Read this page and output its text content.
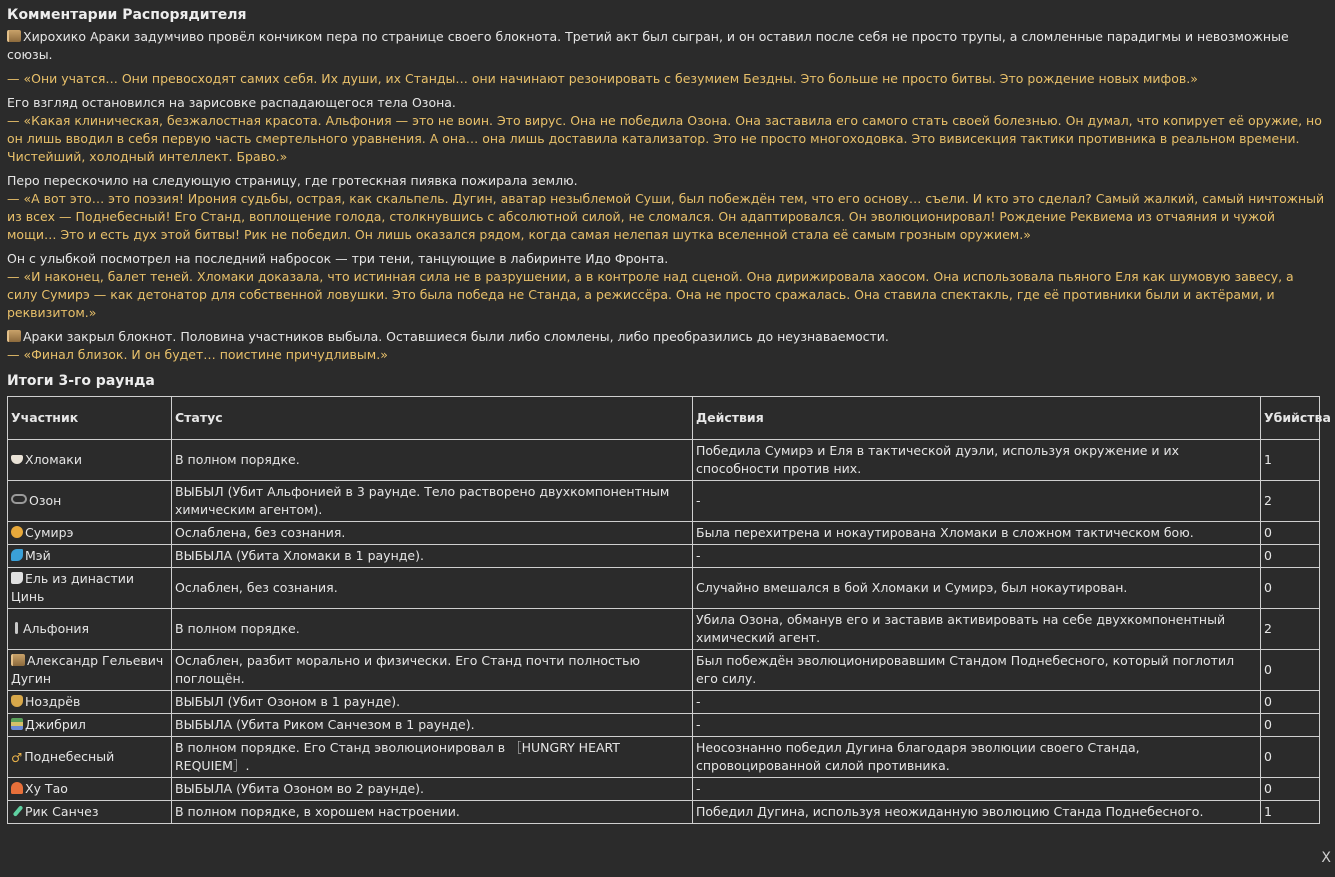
Комментарии Распорядителя

Хирохико Араки задумчиво провёл кончиком пера по странице своего блокнота. Третий акт был сыгран, и он оставил после себя не просто трупы, а сломленные парадигмы и невозможные союзы.

— «Они учатся… Они превосходят самих себя. Их души, их Станды… они начинают резонировать с безумием Бездны. Это больше не просто битвы. Это рождение новых мифов.»

Его взгляд остановился на зарисовке распадающегося тела Озона.
— «Какая клиническая, безжалостная красота. Альфония — это не воин. Это вирус. Она не победила Озона. Она заставила его самого стать своей болезнью. Он думал, что копирует её оружие, но он лишь вводил в себя первую часть смертельного уравнения. А она… она лишь доставила катализатор. Это не просто многоходовка. Это вивисекция тактики противника в реальном времени. Чистейший, холодный интеллект. Браво.»

Перо перескочило на следующую страницу, где гротескная пиявка пожирала землю.
— «А вот это… это поэзия! Ирония судьбы, острая, как скальпель. Дугин, аватар незыблемой Суши, был побеждён тем, что его основу… съели. И кто это сделал? Самый жалкий, самый ничтожный из всех — Поднебесный! Его Станд, воплощение голода, столкнувшись с абсолютной силой, не сломался. Он адаптировался. Он эволюционировал! Рождение Реквиема из отчаяния и чужой мощи… Это и есть дух этой битвы! Рик не победил. Он лишь оказался рядом, когда самая нелепая шутка вселенной стала её самым грозным оружием.»

Он с улыбкой посмотрел на последний набросок — три тени, танцующие в лабиринте Идо Фронта.
— «И наконец, балет теней. Хломаки доказала, что истинная сила не в разрушении, а в контроле над сценой. Она дирижировала хаосом. Она использовала пьяного Еля как шумовую завесу, а силу Сумирэ — как детонатор для собственной ловушки. Это была победа не Станда, а режиссёра. Она не просто сражалась. Она ставила спектакль, где её противники были и актёрами, и реквизитом.»

Араки закрыл блокнот. Половина участников выбыла. Оставшиеся были либо сломлены, либо преобразились до неузнаваемости.
— «Финал близок. И он будет… поистине причудливым.»

Итоги 3-го раунда
Участник	Статус	Действия	Убийства
Хломаки	В полном порядке.	Победила Сумирэ и Еля в тактической дуэли, используя окружение и их способности против них.	1
Озон	ВЫБЫЛ (Убит Альфонией в 3 раунде. Тело растворено двухкомпонентным химическим агентом).	-	2
Сумирэ	Ослаблена, без сознания.	Была перехитрена и нокаутирована Хломаки в сложном тактическом бою.	0
Мэй	ВЫБЫЛА (Убита Хломаки в 1 раунде).	-	0
Ель из династии Цинь	Ослаблен, без сознания.	Случайно вмешался в бой Хломаки и Сумирэ, был нокаутирован.	0
Альфония	В полном порядке.	Убила Озона, обманув его и заставив активировать на себе двухкомпонентный химический агент.	2
Александр Гельевич Дугин	Ослаблен, разбит морально и физически. Его Станд почти полностью поглощён.	Был побеждён эволюционировавшим Стандом Поднебесного, который поглотил его силу.	0
Ноздрёв	ВЫБЫЛ (Убит Озоном в 1 раунде).	-	0
Джибрил	ВЫБЫЛА (Убита Риком Санчезом в 1 раунде).	-	0
♂ Поднебесный	В полном порядке. Его Станд эволюционировал в ［HUNGRY HEART REQUIEM］.	Неосознанно победил Дугина благодаря эволюции своего Станда, спровоцированной силой противника.	0
Ху Тао	ВЫБЫЛА (Убита Озоном во 2 раунде).	-	0
Рик Санчез	В полном порядке, в хорошем настроении.	Победил Дугина, используя неожиданную эволюцию Станда Поднебесного.	1
X
